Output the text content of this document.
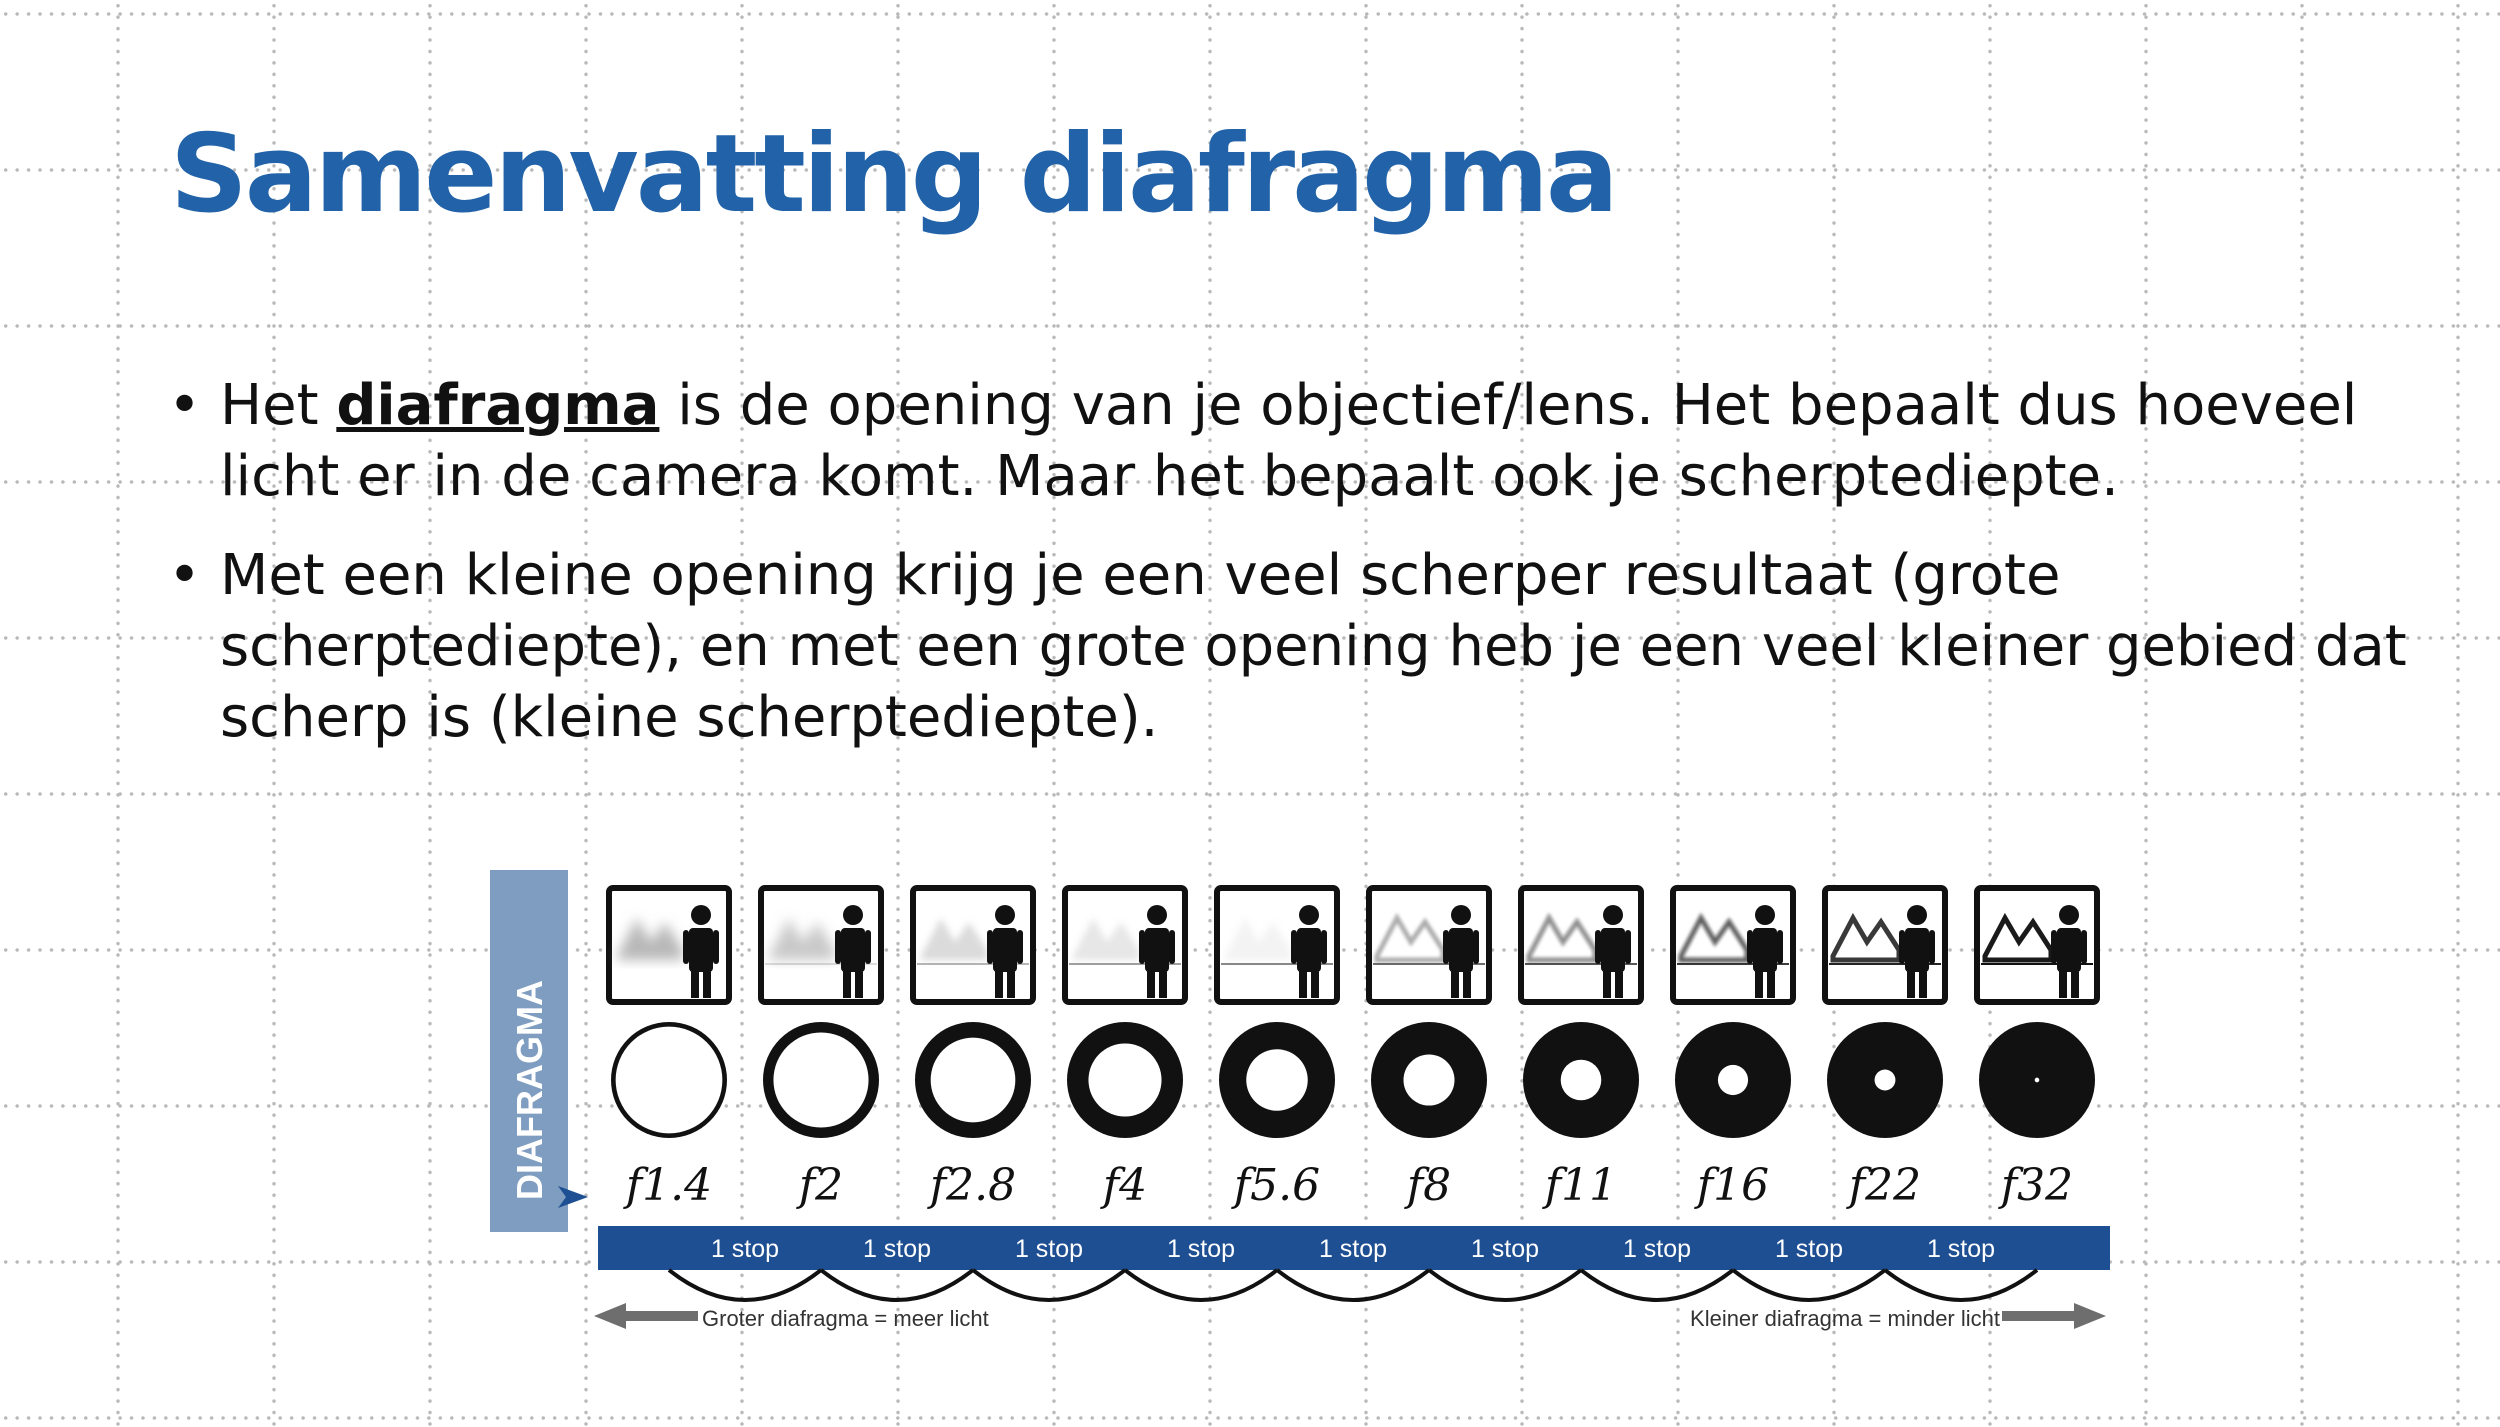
Samenvatting diafragma
• Het diafragma is de opening van je objectief/lens. Het bepaalt dus hoeveel licht er in de camera komt. Maar het bepaalt ook je scherptediepte.
• Met een kleine opening krijg je een veel scherper resultaat (grote scherptediepte), en met een grote opening heb je een veel kleiner gebied dat scherp is (kleine scherptediepte).
DIAFRAGMA f1.4 f2 f2.8 f4 f5.6 f8 f11 f16 f22 f32
1 stop	1 stop	1 stop	1 stop	1 stop	1 stop	1 stop	1 stop	1 stop
Groter diafragma = meer licht	Kleiner diafragma = minder licht
